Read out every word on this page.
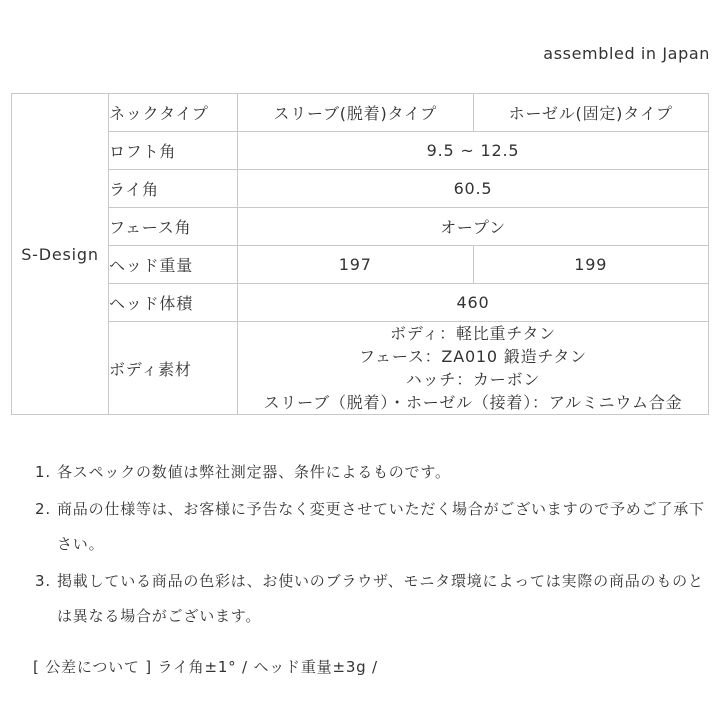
assembled in Japan
S-Design	ネックタイプ	スリーブ(脱着)タイプ	ホーゼル(固定)タイプ
	ロフト角	9.5 ~ 12.5	
	ライ角	60.5	
	フェース角	オープン	
	ヘッド重量	197	199
	ヘッド体積	460	
	ボディ素材	ボディ：軽比重チタン
フェース：ZA010 鍛造チタン
ハッチ：カーボン
スリーブ（脱着）・ホーゼル（接着）：アルミニウム合金	
1. 各スペックの数値は弊社測定器、条件によるものです。
2. 商品の仕様等は、お客様に予告なく変更させていただく場合がございますので予めご了承下さい。
3. 掲載している商品の色彩は、お使いのブラウザ、モニタ環境によっては実際の商品のものとは異なる場合がございます。
[ 公差について ] ライ角±1° / ヘッド重量±3g /
